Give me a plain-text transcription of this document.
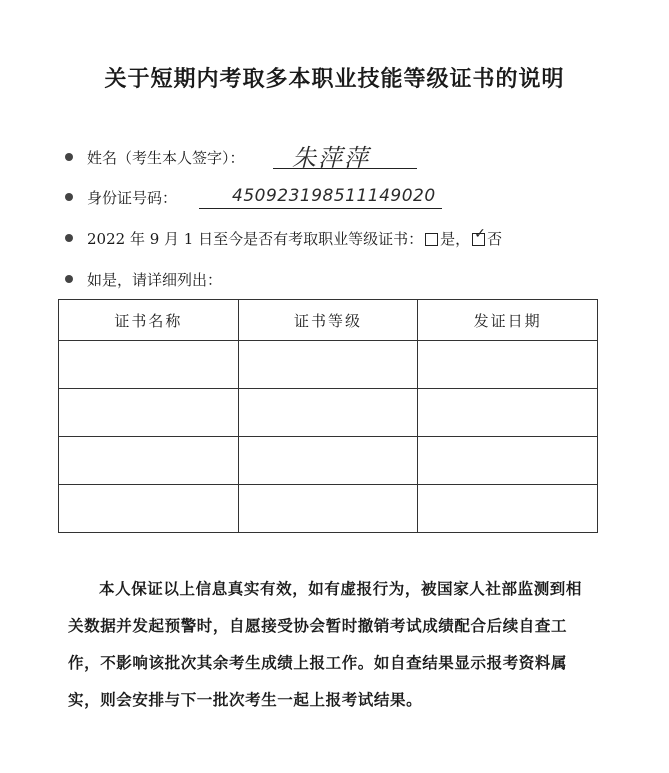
关于短期内考取多本职业技能等级证书的说明
姓名（考生本人签字）： 朱萍萍
身份证号码：	450923198511149020
2022 年 9 月 1 日至今是否有考取职业等级证书： 是， ✓ 否
如是，请详细列出：
证书名称	证书等级	发证日期

本人保证以上信息真实有效，如有虚报行为，被国家人社部监测到相关数据并发起预警时，自愿接受协会暂时撤销考试成绩配合后续自查工作，不影响该批次其余考生成绩上报工作。如自查结果显示报考资料属实，则会安排与下一批次考生一起上报考试结果。
